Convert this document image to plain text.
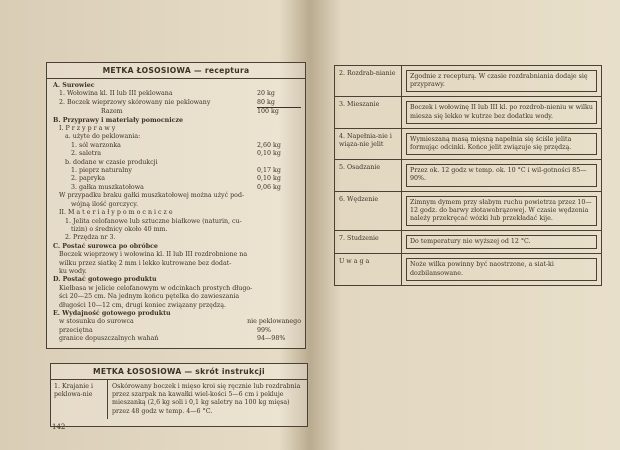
METKA ŁOSOSIOWA — receptura
A. Surowiec
1. Wołowina kl. II lub III peklowana	20 kg
2. Boczek wieprzowy skórowany nie peklowany	80 kg
Razem	100 kg
B. Przyprawy i materiały pomocnicze
I. P r z y p r a w y
a. użyte do peklowania:
1. sól warzonka	2,60 kg
2. saletra	0,10 kg
b. dodane w czasie produkcji
1. pieprz naturalny	0,17 kg
2. papryka	0,10 kg
3. gałka muszkatołowa	0,06 kg
W przypadku braku gałki muszkatołowej można użyć pod-
wójną ilość gorczycy.
II. M a t e r i a ł y p o m o c n i c z e
1. Jelita celofanowe lub sztuczne białkowe (naturin, cu-
tizin) o średnicy około 40 mm.
2. Przędza nr 3.
C. Postać surowca po obróbce
Boczek wieprzowy i wołowina kl. II lub III rozdrobnione na
wilku przez siatkę 2 mm i lekko kutrowane bez dodat-
ku wody.
D. Postać gotowego produktu
Kiełbasa w jelicie celofanowym w odcinkach prostych długo-
ści 20—25 cm. Na jednym końcu pętelka do zawieszania
długości 10—12 cm, drugi koniec związany przędzą.
E. Wydajność gotowego produktu
w stosunku do surowca	nie peklowanego
przeciętna	99%
granice dopuszczalnych wahań	94—98%
METKA ŁOSOSIOWA — skrót instrukcji
1. Krajanie i peklowa-nie	Oskórowany boczek i mięso kroi się ręcznie lub rozdrabnia przez szarpak na kawałki wiel-kości 5—6 cm i pekluje mieszanką (2,6 kg soli i 0,1 kg saletry na 100 kg mięsa) przez 48 godz w temp. 4—6 °C.
142
2. Rozdrab-nianie	Zgodnie z recepturą. W czasie rozdrabniania dodaje się przyprawy.

3. Mieszanie	Boczek i wołowinę II lub III kl. po rozdrob-nieniu w wilku miesza się lekko w kutrze bez dodatku wody.

4. Napełnia-nie i wiąza-nie jelit	Wymieszaną masą mięsną napełnia się ściśle jelita formując odcinki. Końce jelit związuje się przędzą.

5. Osadzanie	Przez ok. 12 godz w temp. ok. 10 °C i wil-gotności 85—90%.

6. Wędzenie	Zimnym dymem przy słabym ruchu powietrza przez 10—12 godz. do barwy złotawobrązowej. W czasie wędzenia należy przekręcać wózki lub przekładać kije.

7. Studzenie	Do temperatury nie wyższej od 12 °C.

U w a g a	Noże wilka powinny być naostrzone, a siat-ki dozbilansowane.
